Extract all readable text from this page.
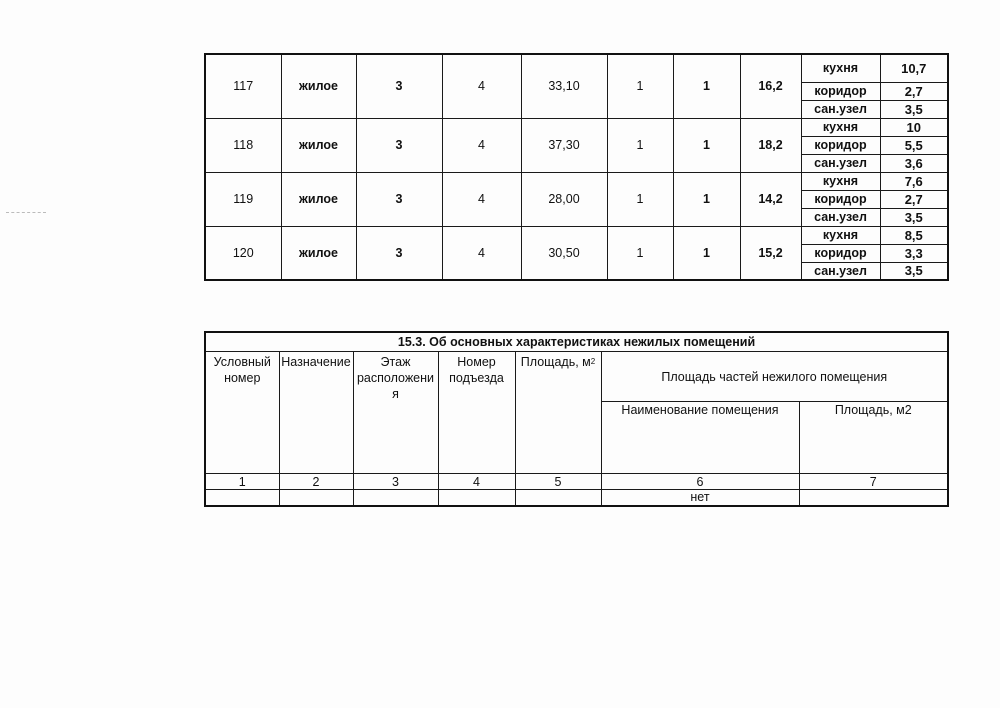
117	жилое	3	4	33,10	1	1	16,2	кухня	10,7
								коридор	2,7
								сан.узел	3,5
118	жилое	3	4	37,30	1	1	18,2	кухня	10
								коридор	5,5
								сан.узел	3,6
119	жилое	3	4	28,00	1	1	14,2	кухня	7,6
								коридор	2,7
								сан.узел	3,5
120	жилое	3	4	30,50	1	1	15,2	кухня	8,5
								коридор	3,3
								сан.узел	3,5
15.3. Об основных характеристиках нежилых помещений						
Условный номер	Назначение	Этаж расположени я	Номер подъезда	Площадь, $м^2$	Площадь частей нежилого помещения	
					Наименование помещения	Площадь, м2
1	2	3	4	5	6	7
					нет	
